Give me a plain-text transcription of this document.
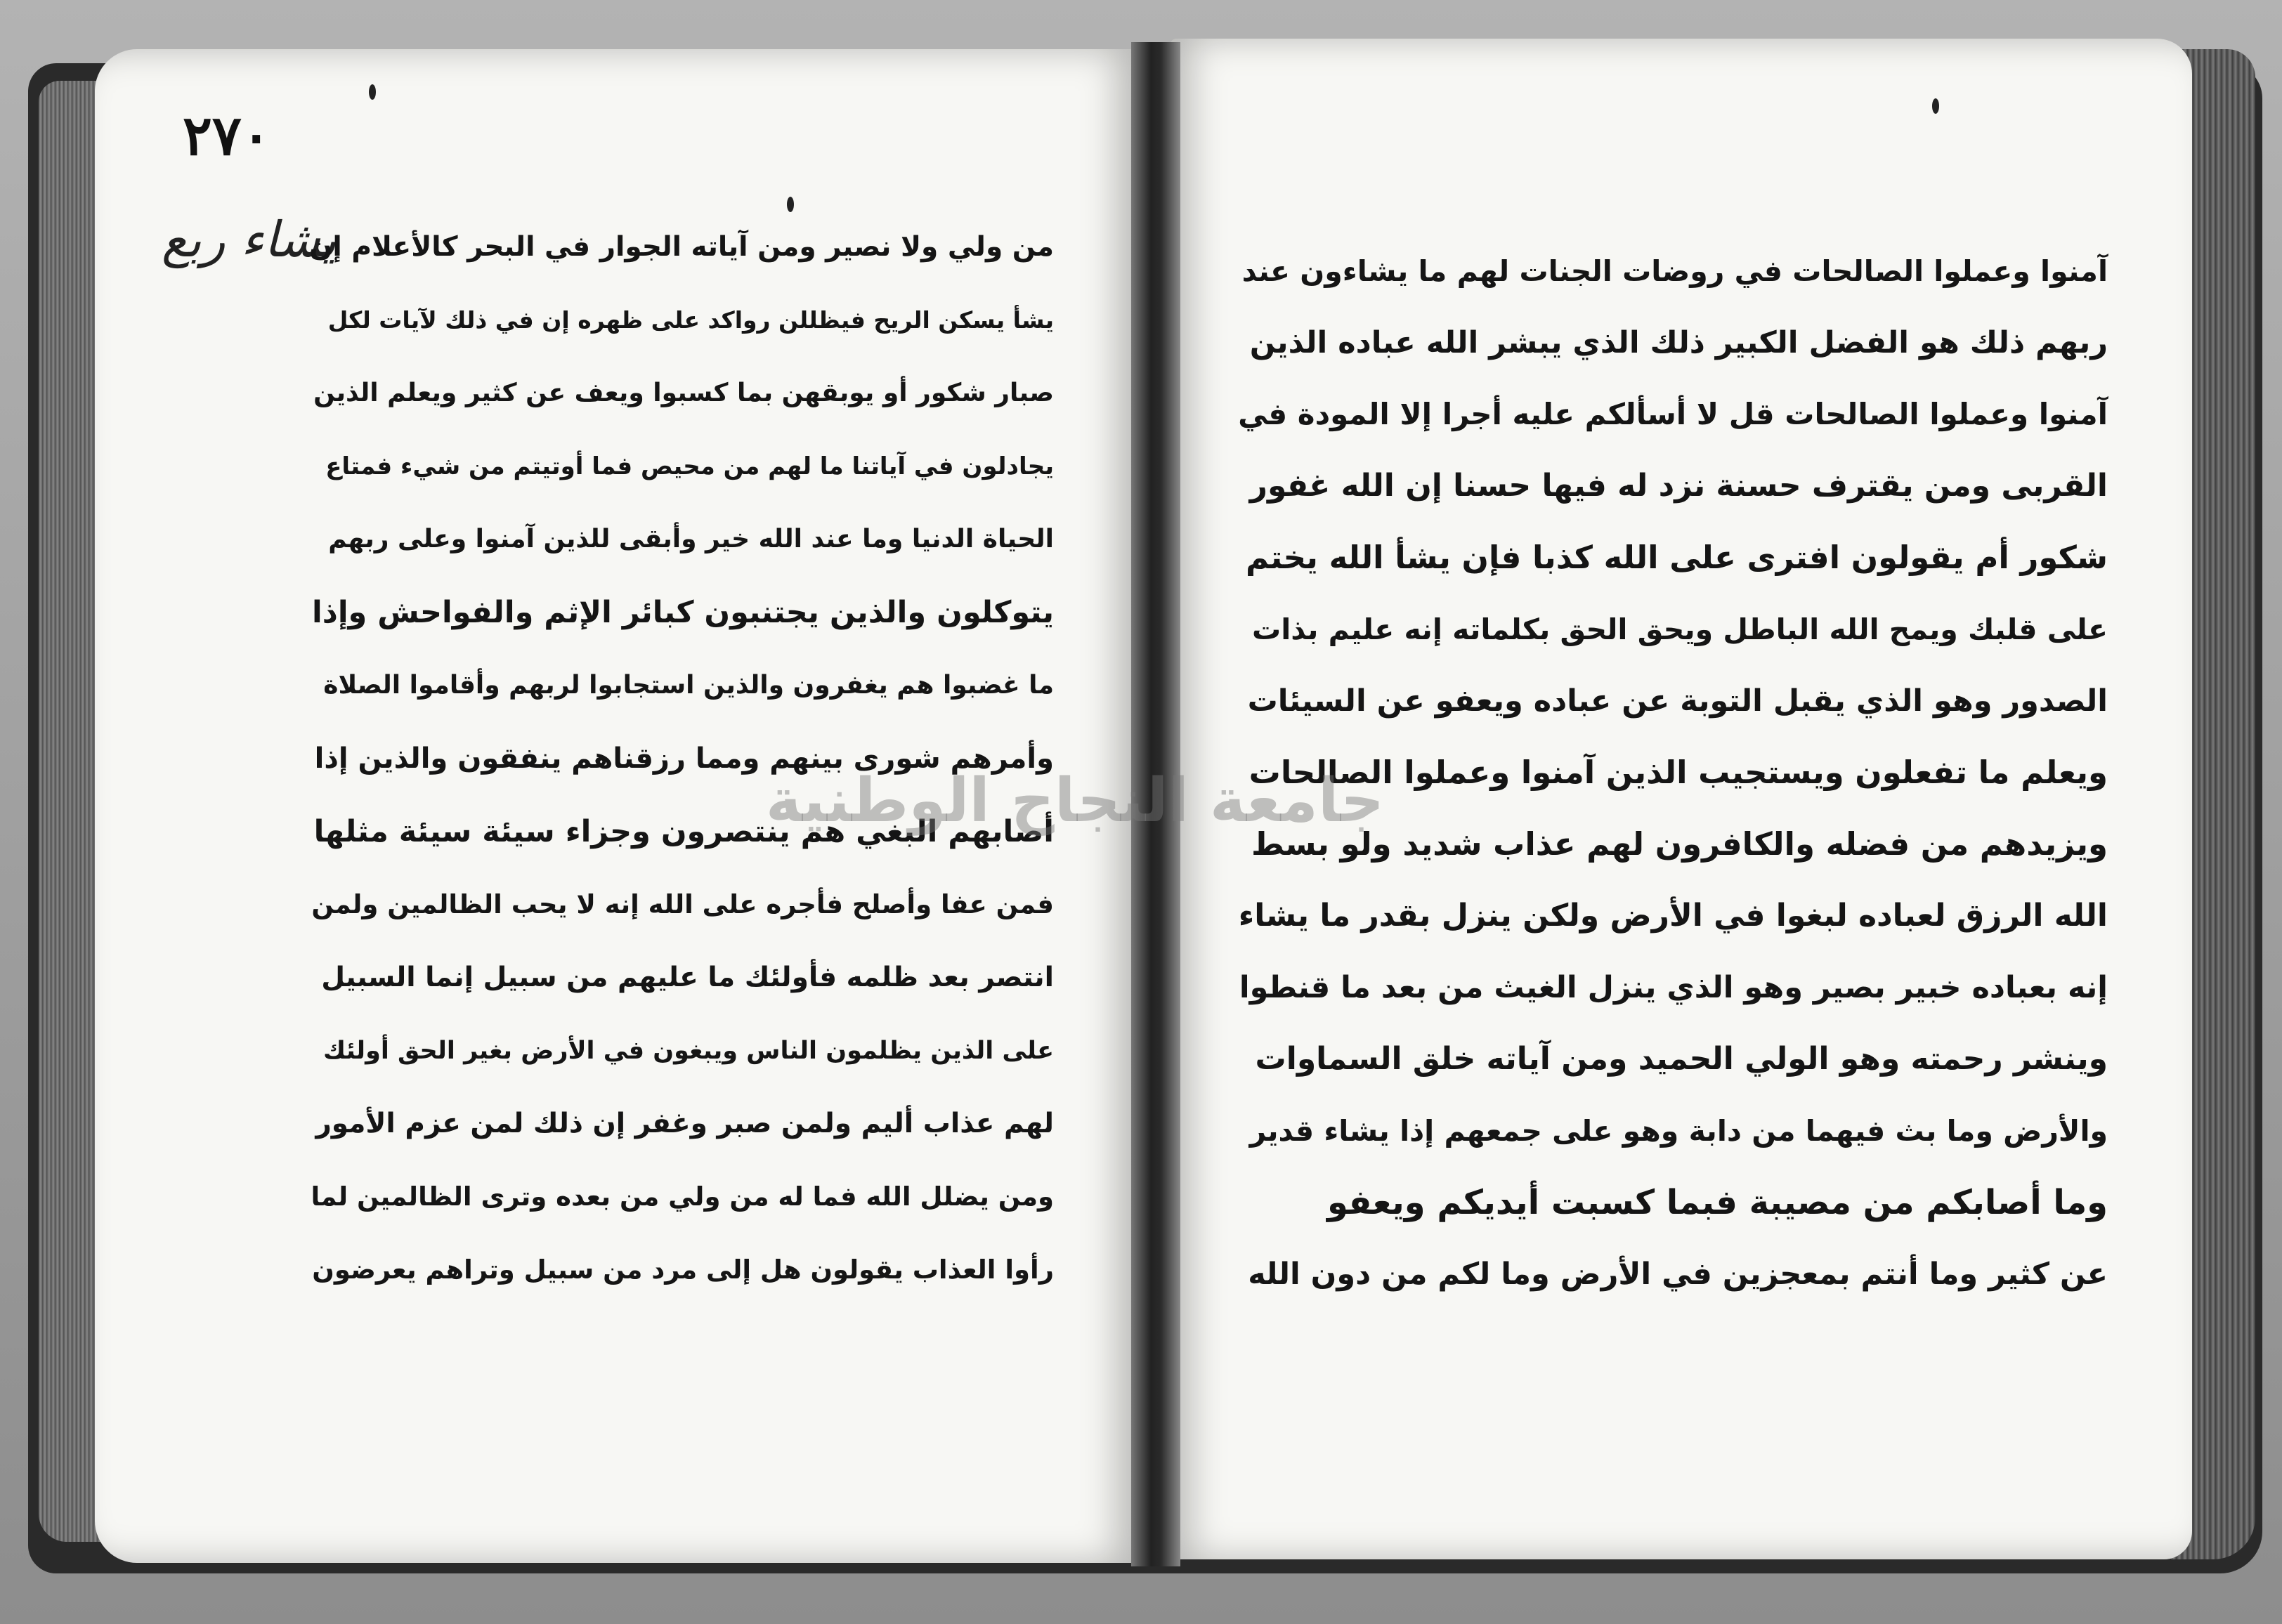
٢٧٠
يشاء ربع
من ولي ولا نصير ومن آياته الجوار في البحر كالأعلام إن
يشأ يسكن الريح فيظللن رواكد على ظهره إن في ذلك لآيات لكل
صبار شكور أو يوبقهن بما كسبوا ويعف عن كثير ويعلم الذين
يجادلون في آياتنا ما لهم من محيص فما أوتيتم من شيء فمتاع
الحياة الدنيا وما عند الله خير وأبقى للذين آمنوا وعلى ربهم
يتوكلون والذين يجتنبون كبائر الإثم والفواحش وإذا
ما غضبوا هم يغفرون والذين استجابوا لربهم وأقاموا الصلاة
وأمرهم شورى بينهم ومما رزقناهم ينفقون والذين إذا
أصابهم البغي هم ينتصرون وجزاء سيئة سيئة مثلها
فمن عفا وأصلح فأجره على الله إنه لا يحب الظالمين ولمن
انتصر بعد ظلمه فأولئك ما عليهم من سبيل إنما السبيل
على الذين يظلمون الناس ويبغون في الأرض بغير الحق أولئك
لهم عذاب أليم ولمن صبر وغفر إن ذلك لمن عزم الأمور
ومن يضلل الله فما له من ولي من بعده وترى الظالمين لما
رأوا العذاب يقولون هل إلى مرد من سبيل وتراهم يعرضون
آمنوا وعملوا الصالحات في روضات الجنات لهم ما يشاءون عند
ربهم ذلك هو الفضل الكبير ذلك الذي يبشر الله عباده الذين
آمنوا وعملوا الصالحات قل لا أسألكم عليه أجرا إلا المودة في
القربى ومن يقترف حسنة نزد له فيها حسنا إن الله غفور
شكور أم يقولون افترى على الله كذبا فإن يشأ الله يختم
على قلبك ويمح الله الباطل ويحق الحق بكلماته إنه عليم بذات
الصدور وهو الذي يقبل التوبة عن عباده ويعفو عن السيئات
ويعلم ما تفعلون ويستجيب الذين آمنوا وعملوا الصالحات
ويزيدهم من فضله والكافرون لهم عذاب شديد ولو بسط
الله الرزق لعباده لبغوا في الأرض ولكن ينزل بقدر ما يشاء
إنه بعباده خبير بصير وهو الذي ينزل الغيث من بعد ما قنطوا
وينشر رحمته وهو الولي الحميد ومن آياته خلق السماوات
والأرض وما بث فيهما من دابة وهو على جمعهم إذا يشاء قدير
وما أصابكم من مصيبة فبما كسبت أيديكم ويعفو
عن كثير وما أنتم بمعجزين في الأرض وما لكم من دون الله
جامعة النجاح الوطنية
